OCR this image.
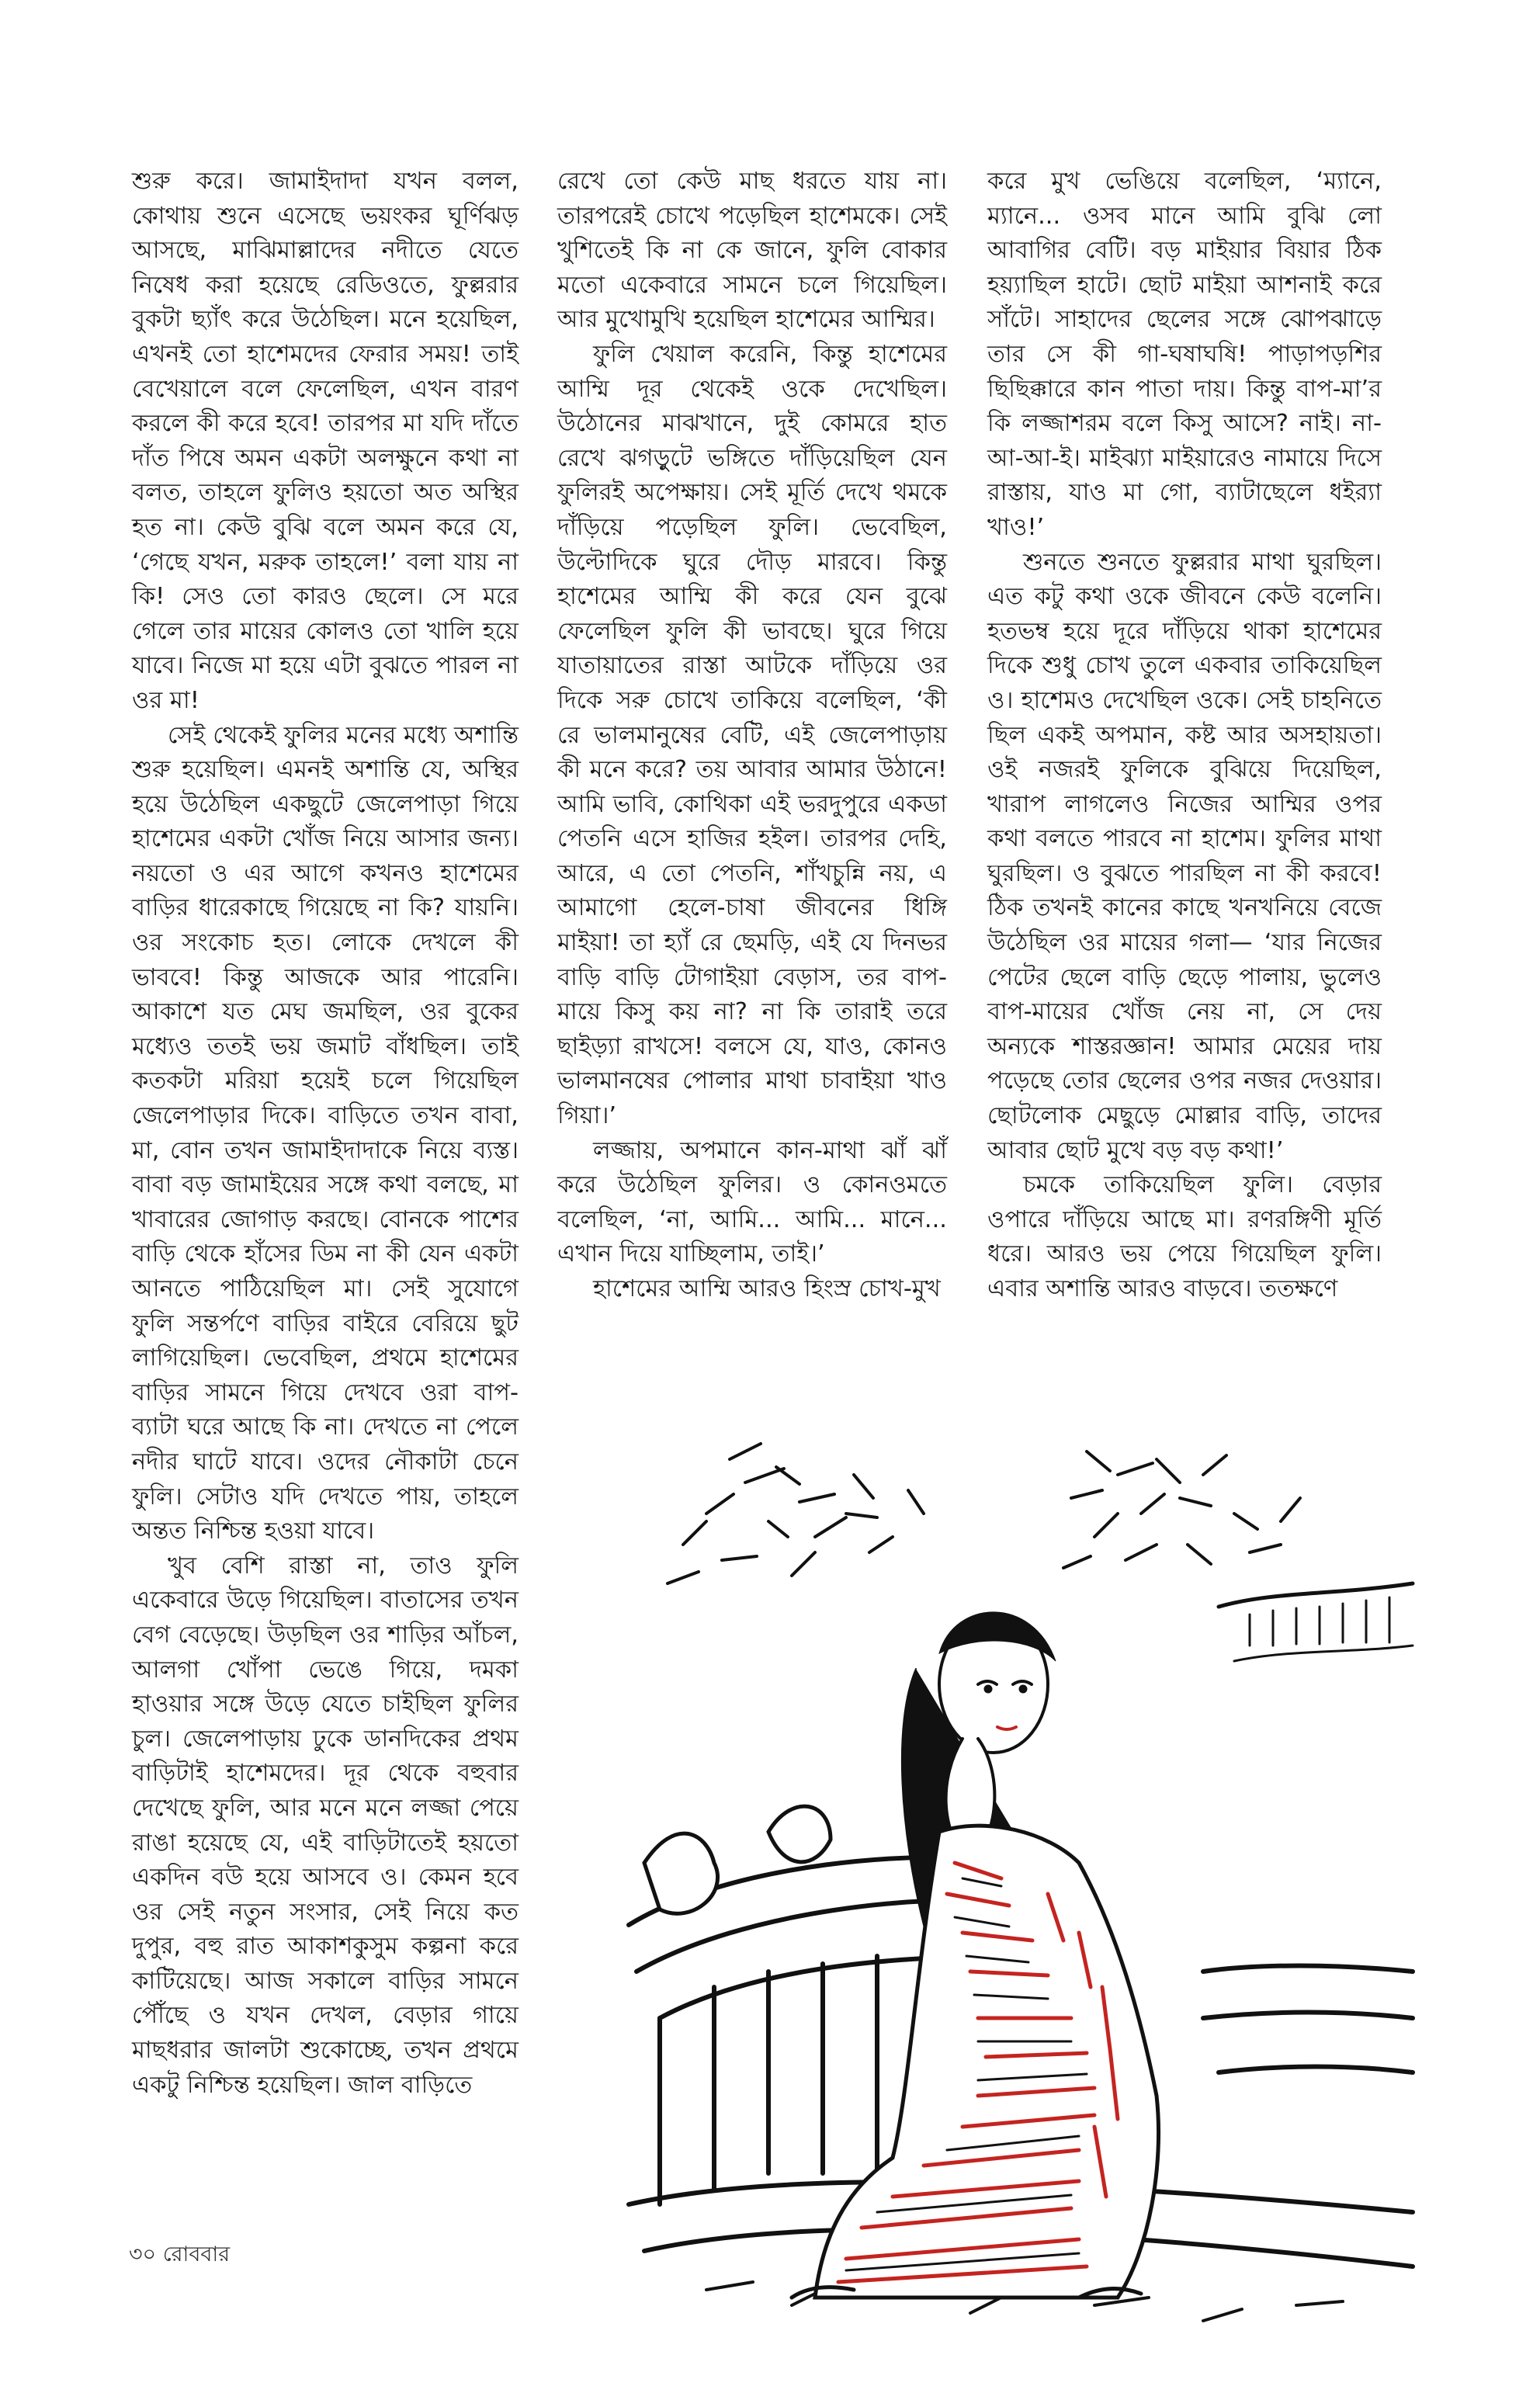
শুরু করে। জামাইদাদা যখন বলল, কোথায় শুনে এসেছে ভয়ংকর ঘূর্ণিঝড় আসছে, মাঝিমাল্লাদের নদীতে যেতে নিষেধ করা হয়েছে রেডিওতে, ফুল্লরার বুকটা ছ্যাঁৎ করে উঠেছিল। মনে হয়েছিল, এখনই তো হাশেমদের ফেরার সময়! তাই বেখেয়ালে বলে ফেলেছিল, এখন বারণ করলে কী করে হবে! তারপর মা যদি দাঁতে দাঁত পিষে অমন একটা অলক্ষুনে কথা না বলত, তাহলে ফুলিও হয়তো অত অস্থির হত না। কেউ বুঝি বলে অমন করে যে, ‘গেছে যখন, মরুক তাহলে!’ বলা যায় না কি! সেও তো কারও ছেলে। সে মরে গেলে তার মায়ের কোলও তো খালি হয়ে যাবে। নিজে মা হয়ে এটা বুঝতে পারল না ওর মা!

সেই থেকেই ফুলির মনের মধ্যে অশান্তি শুরু হয়েছিল। এমনই অশান্তি যে, অস্থির হয়ে উঠেছিল একছুটে জেলেপাড়া গিয়ে হাশেমের একটা খোঁজ নিয়ে আসার জন্য। নয়তো ও এর আগে কখনও হাশেমের বাড়ির ধারেকাছে গিয়েছে না কি? যায়নি। ওর সংকোচ হত। লোকে দেখলে কী ভাববে! কিন্তু আজকে আর পারেনি। আকাশে যত মেঘ জমছিল, ওর বুকের মধ্যেও ততই ভয় জমাট বাঁধছিল। তাই কতকটা মরিয়া হয়েই চলে গিয়েছিল জেলেপাড়ার দিকে। বাড়িতে তখন বাবা, মা, বোন তখন জামাইদাদাকে নিয়ে ব্যস্ত। বাবা বড় জামাইয়ের সঙ্গে কথা বলছে, মা খাবারের জোগাড় করছে। বোনকে পাশের বাড়ি থেকে হাঁসের ডিম না কী যেন একটা আনতে পাঠিয়েছিল মা। সেই সুযোগে ফুলি সন্তর্পণে বাড়ির বাইরে বেরিয়ে ছুট লাগিয়েছিল। ভেবেছিল, প্রথমে হাশেমের বাড়ির সামনে গিয়ে দেখবে ওরা বাপ-ব্যাটা ঘরে আছে কি না। দেখতে না পেলে নদীর ঘাটে যাবে। ওদের নৌকাটা চেনে ফুলি। সেটাও যদি দেখতে পায়, তাহলে অন্তত নিশ্চিন্ত হওয়া যাবে।

খুব বেশি রাস্তা না, তাও ফুলি একেবারে উড়ে গিয়েছিল। বাতাসের তখন বেগ বেড়েছে। উড়ছিল ওর শাড়ির আঁচল, আলগা খোঁপা ভেঙে গিয়ে, দমকা হাওয়ার সঙ্গে উড়ে যেতে চাইছিল ফুলির চুল। জেলেপাড়ায় ঢুকে ডানদিকের প্রথম বাড়িটাই হাশেমদের। দূর থেকে বহুবার দেখেছে ফুলি, আর মনে মনে লজ্জা পেয়ে রাঙা হয়েছে যে, এই বাড়িটাতেই হয়তো একদিন বউ হয়ে আসবে ও। কেমন হবে ওর সেই নতুন সংসার, সেই নিয়ে কত দুপুর, বহু রাত আকাশকুসুম কল্পনা করে কাটিয়েছে। আজ সকালে বাড়ির সামনে পৌঁছে ও যখন দেখল, বেড়ার গায়ে মাছধরার জালটা শুকোচ্ছে, তখন প্রথমে একটু নিশ্চিন্ত হয়েছিল। জাল বাড়িতে

রেখে তো কেউ মাছ ধরতে যায় না। তারপরেই চোখে পড়েছিল হাশেমকে। সেই খুশিতেই কি না কে জানে, ফুলি বোকার মতো একেবারে সামনে চলে গিয়েছিল। আর মুখোমুখি হয়েছিল হাশেমের আম্মির।

ফুলি খেয়াল করেনি, কিন্তু হাশেমের আম্মি দূর থেকেই ওকে দেখেছিল। উঠোনের মাঝখানে, দুই কোমরে হাত রেখে ঝগড়ুটে ভঙ্গিতে দাঁড়িয়েছিল যেন ফুলিরই অপেক্ষায়। সেই মূর্তি দেখে থমকে দাঁড়িয়ে পড়েছিল ফুলি। ভেবেছিল, উল্টোদিকে ঘুরে দৌড় মারবে। কিন্তু হাশেমের আম্মি কী করে যেন বুঝে ফেলেছিল ফুলি কী ভাবছে। ঘুরে গিয়ে যাতায়াতের রাস্তা আটকে দাঁড়িয়ে ওর দিকে সরু চোখে তাকিয়ে বলেছিল, ‘কী রে ভালমানুষের বেটি, এই জেলেপাড়ায় কী মনে করে? তয় আবার আমার উঠানে! আমি ভাবি, কোথিকা এই ভরদুপুরে একডা পেতনি এসে হাজির হইল। তারপর দেহি, আরে, এ তো পেতনি, শাঁখচুন্নি নয়, এ আমাগো হেলে-চাষা জীবনের ধিঙ্গি মাইয়া! তা হ্যাঁ রে ছেমড়ি, এই যে দিনভর বাড়ি বাড়ি টোগাইয়া বেড়াস, তর বাপ-মায়ে কিসু কয় না? না কি তারাই তরে ছাইড়্যা রাখসে! বলসে যে, যাও, কোনও ভালমানষের পোলার মাথা চাবাইয়া খাও গিয়া।’

লজ্জায়, অপমানে কান-মাথা ঝাঁ ঝাঁ করে উঠেছিল ফুলির। ও কোনওমতে বলেছিল, ‘না, আমি... আমি... মানে... এখান দিয়ে যাচ্ছিলাম, তাই।’

হাশেমের আম্মি আরও হিংস্র চোখ-মুখ

করে মুখ ভেঙিয়ে বলেছিল, ‘ম্যানে, ম্যানে... ওসব মানে আমি বুঝি লো আবাগির বেটি। বড় মাইয়ার বিয়ার ঠিক হয়্যাছিল হাটে। ছোট মাইয়া আশনাই করে সাঁটে। সাহাদের ছেলের সঙ্গে ঝোপঝাড়ে তার সে কী গা-ঘষাঘষি! পাড়াপড়শির ছিছিক্কারে কান পাতা দায়। কিন্তু বাপ-মা’র কি লজ্জাশরম বলে কিসু আসে? নাই। না-আ-আ-ই। মাইঝ্যা মাইয়ারেও নামায়ে দিসে রাস্তায়, যাও মা গো, ব্যাটাছেলে ধইর‍্যা খাও!’

শুনতে শুনতে ফুল্লরার মাথা ঘুরছিল। এত কটু কথা ওকে জীবনে কেউ বলেনি। হতভম্ব হয়ে দূরে দাঁড়িয়ে থাকা হাশেমের দিকে শুধু চোখ তুলে একবার তাকিয়েছিল ও। হাশেমও দেখেছিল ওকে। সেই চাহনিতে ছিল একই অপমান, কষ্ট আর অসহায়তা। ওই নজরই ফুলিকে বুঝিয়ে দিয়েছিল, খারাপ লাগলেও নিজের আম্মির ওপর কথা বলতে পারবে না হাশেম। ফুলির মাথা ঘুরছিল। ও বুঝতে পারছিল না কী করবে! ঠিক তখনই কানের কাছে খনখনিয়ে বেজে উঠেছিল ওর মায়ের গলা— ‘যার নিজের পেটের ছেলে বাড়ি ছেড়ে পালায়, ভুলেও বাপ-মায়ের খোঁজ নেয় না, সে দেয় অন্যকে শাস্তরজ্ঞান! আমার মেয়ের দায় পড়েছে তোর ছেলের ওপর নজর দেওয়ার। ছোটলোক মেছুড়ে মোল্লার বাড়ি, তাদের আবার ছোট মুখে বড় বড় কথা!’

চমকে তাকিয়েছিল ফুলি। বেড়ার ওপারে দাঁড়িয়ে আছে মা। রণরঙ্গিণী মূর্তি ধরে। আরও ভয় পেয়ে গিয়েছিল ফুলি। এবার অশান্তি আরও বাড়বে। ততক্ষণে

৩০ রোববার
